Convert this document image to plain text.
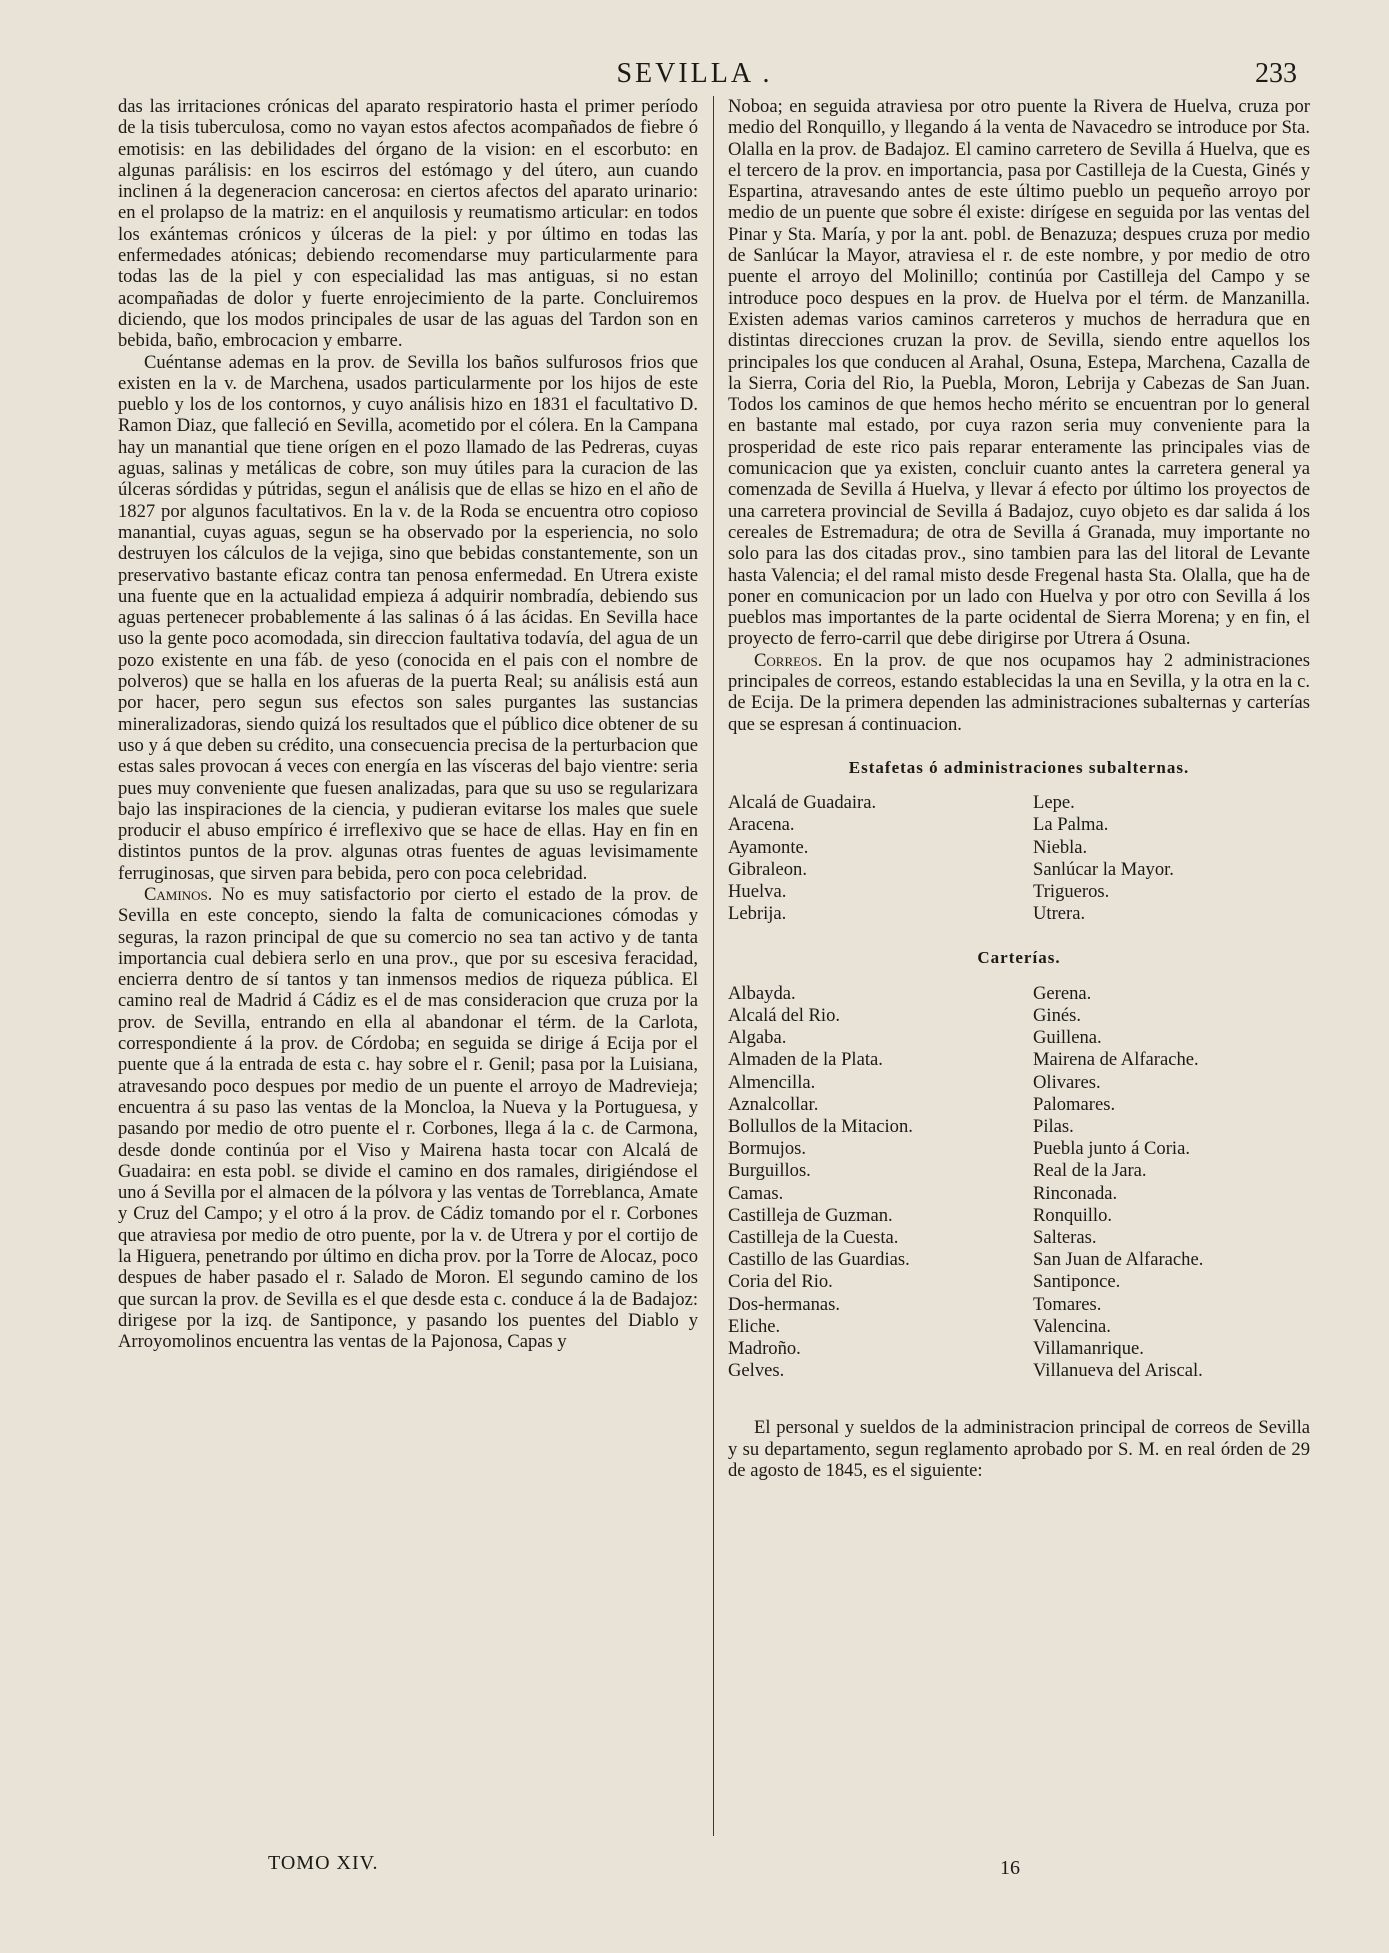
SEVILLA .	233

das las irritaciones crónicas del aparato respiratorio hasta el primer período de la tisis tuberculosa, como no vayan estos afectos acompañados de fiebre ó emotisis: en las debilidades del órgano de la vision: en el escorbuto: en algunas parálisis: en los escirros del estómago y del útero, aun cuando inclinen á la degeneracion cancerosa: en ciertos afectos del aparato urinario: en el prolapso de la matriz: en el anquilosis y reumatismo articular: en todos los exántemas crónicos y úlceras de la piel: y por último en todas las enfermedades atónicas; debiendo recomendarse muy particularmente para todas las de la piel y con especialidad las mas antiguas, si no estan acompañadas de dolor y fuerte enrojecimiento de la parte. Concluiremos diciendo, que los modos principales de usar de las aguas del Tardon son en bebida, baño, embrocacion y embarre.

Cuéntanse ademas en la prov. de Sevilla los baños sulfurosos frios que existen en la v. de Marchena, usados particularmente por los hijos de este pueblo y los de los contornos, y cuyo análisis hizo en 1831 el facultativo D. Ramon Diaz, que falleció en Sevilla, acometido por el cólera. En la Campana hay un manantial que tiene orígen en el pozo llamado de las Pedreras, cuyas aguas, salinas y metálicas de cobre, son muy útiles para la curacion de las úlceras sórdidas y pútridas, segun el análisis que de ellas se hizo en el año de 1827 por algunos facultativos. En la v. de la Roda se encuentra otro copioso manantial, cuyas aguas, segun se ha observado por la esperiencia, no solo destruyen los cálculos de la vejiga, sino que bebidas constantemente, son un preservativo bastante eficaz contra tan penosa enfermedad. En Utrera existe una fuente que en la actualidad empieza á adquirir nombradía, debiendo sus aguas pertenecer probablemente á las salinas ó á las ácidas. En Sevilla hace uso la gente poco acomodada, sin direccion faultativa todavía, del agua de un pozo existente en una fáb. de yeso (conocida en el pais con el nombre de polveros) que se halla en los afueras de la puerta Real; su análisis está aun por hacer, pero segun sus efectos son sales purgantes las sustancias mineralizadoras, siendo quizá los resultados que el público dice obtener de su uso y á que deben su crédito, una consecuencia precisa de la perturbacion que estas sales provocan á veces con energía en las vísceras del bajo vientre: seria pues muy conveniente que fuesen analizadas, para que su uso se regularizara bajo las inspiraciones de la ciencia, y pudieran evitarse los males que suele producir el abuso empírico é irreflexivo que se hace de ellas. Hay en fin en distintos puntos de la prov. algunas otras fuentes de aguas levisimamente ferruginosas, que sirven para bebida, pero con poca celebridad.

Caminos. No es muy satisfactorio por cierto el estado de la prov. de Sevilla en este concepto, siendo la falta de comunicaciones cómodas y seguras, la razon principal de que su comercio no sea tan activo y de tanta importancia cual debiera serlo en una prov., que por su escesiva feracidad, encierra dentro de sí tantos y tan inmensos medios de riqueza pública. El camino real de Madrid á Cádiz es el de mas consideracion que cruza por la prov. de Sevilla, entrando en ella al abandonar el térm. de la Carlota, correspondiente á la prov. de Córdoba; en seguida se dirige á Ecija por el puente que á la entrada de esta c. hay sobre el r. Genil; pasa por la Luisiana, atravesando poco despues por medio de un puente el arroyo de Madrevieja; encuentra á su paso las ventas de la Moncloa, la Nueva y la Portuguesa, y pasando por medio de otro puente el r. Corbones, llega á la c. de Carmona, desde donde continúa por el Viso y Mairena hasta tocar con Alcalá de Guadaira: en esta pobl. se divide el camino en dos ramales, dirigiéndose el uno á Sevilla por el almacen de la pólvora y las ventas de Torreblanca, Amate y Cruz del Campo; y el otro á la prov. de Cádiz tomando por el r. Corbones que atraviesa por medio de otro puente, por la v. de Utrera y por el cortijo de la Higuera, penetrando por último en dicha prov. por la Torre de Alocaz, poco despues de haber pasado el r. Salado de Moron. El segundo camino de los que surcan la prov. de Sevilla es el que desde esta c. conduce á la de Badajoz: dirigese por la izq. de Santiponce, y pasando los puentes del Diablo y Arroyomolinos encuentra las ventas de la Pajonosa, Capas y

Noboa; en seguida atraviesa por otro puente la Rivera de Huelva, cruza por medio del Ronquillo, y llegando á la venta de Navacedro se introduce por Sta. Olalla en la prov. de Badajoz. El camino carretero de Sevilla á Huelva, que es el tercero de la prov. en importancia, pasa por Castilleja de la Cuesta, Ginés y Espartina, atravesando antes de este último pueblo un pequeño arroyo por medio de un puente que sobre él existe: dirígese en seguida por las ventas del Pinar y Sta. María, y por la ant. pobl. de Benazuza; despues cruza por medio de Sanlúcar la Mayor, atraviesa el r. de este nombre, y por medio de otro puente el arroyo del Molinillo; continúa por Castilleja del Campo y se introduce poco despues en la prov. de Huelva por el térm. de Manzanilla. Existen ademas varios caminos carreteros y muchos de herradura que en distintas direcciones cruzan la prov. de Sevilla, siendo entre aquellos los principales los que conducen al Arahal, Osuna, Estepa, Marchena, Cazalla de la Sierra, Coria del Rio, la Puebla, Moron, Lebrija y Cabezas de San Juan. Todos los caminos de que hemos hecho mérito se encuentran por lo general en bastante mal estado, por cuya razon seria muy conveniente para la prosperidad de este rico pais reparar enteramente las principales vias de comunicacion que ya existen, concluir cuanto antes la carretera general ya comenzada de Sevilla á Huelva, y llevar á efecto por último los proyectos de una carretera provincial de Sevilla á Badajoz, cuyo objeto es dar salida á los cereales de Estremadura; de otra de Sevilla á Granada, muy importante no solo para las dos citadas prov., sino tambien para las del litoral de Levante hasta Valencia; el del ramal misto desde Fregenal hasta Sta. Olalla, que ha de poner en comunicacion por un lado con Huelva y por otro con Sevilla á los pueblos mas importantes de la parte ocidental de Sierra Morena; y en fin, el proyecto de ferro-carril que debe dirigirse por Utrera á Osuna.

Correos. En la prov. de que nos ocupamos hay 2 administraciones principales de correos, estando establecidas la una en Sevilla, y la otra en la c. de Ecija. De la primera dependen las administraciones subalternas y carterías que se espresan á continuacion.

Estafetas ó administraciones subalternas.
Alcalá de Guadaira.
Aracena.
Ayamonte.
Gibraleon.
Huelva.
Lebrija.
Lepe.
La Palma.
Niebla.
Sanlúcar la Mayor.
Trigueros.
Utrera.
Carterías.
Albayda.
Alcalá del Rio.
Algaba.
Almaden de la Plata.
Almencilla.
Aznalcollar.
Bollullos de la Mitacion.
Bormujos.
Burguillos.
Camas.
Castilleja de Guzman.
Castilleja de la Cuesta.
Castillo de las Guardias.
Coria del Rio.
Dos-hermanas.
Eliche.
Madroño.
Gelves.
Gerena.
Ginés.
Guillena.
Mairena de Alfarache.
Olivares.
Palomares.
Pilas.
Puebla junto á Coria.
Real de la Jara.
Rinconada.
Ronquillo.
Salteras.
San Juan de Alfarache.
Santiponce.
Tomares.
Valencina.
Villamanrique.
Villanueva del Ariscal.

El personal y sueldos de la administracion principal de correos de Sevilla y su departamento, segun reglamento aprobado por S. M. en real órden de 29 de agosto de 1845, es el siguiente:

TOMO XIV.	16
